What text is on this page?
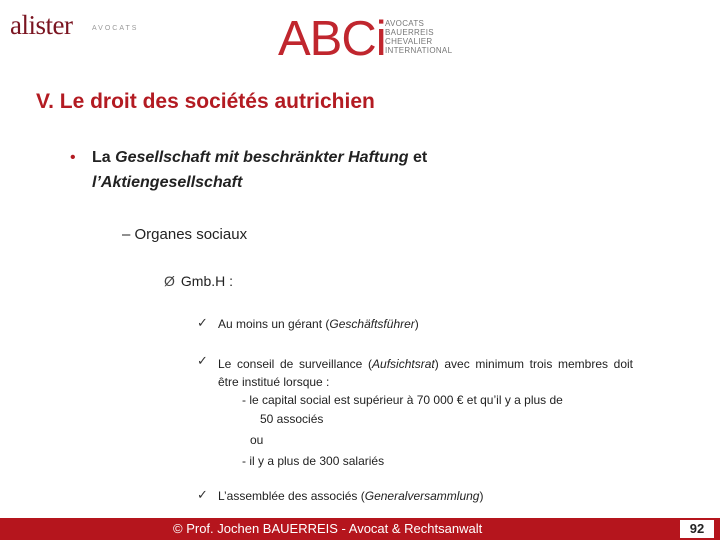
alister	AVOCATS	ABCi AVOCATS
BAUERREIS
CHEVALIER
INTERNATIONAL
V. Le droit des sociétés autrichien
•	La Gesellschaft mit beschränkter Haftung et
l’Aktiengesellschaft
– Organes sociaux
Ø Gmb.H :
✓ Au moins un gérant (Geschäftsführer)
✓ Le conseil de surveillance (Aufsichtsrat) avec minimum trois membres doit être institué lorsque :
- le capital social est supérieur à 70 000 € et qu’il y a plus de
50 associés
ou
- il y a plus de 300 salariés
✓ L’assemblée des associés (Generalversammlung)
© Prof. Jochen BAUERREIS - Avocat & Rechtsanwalt	92
